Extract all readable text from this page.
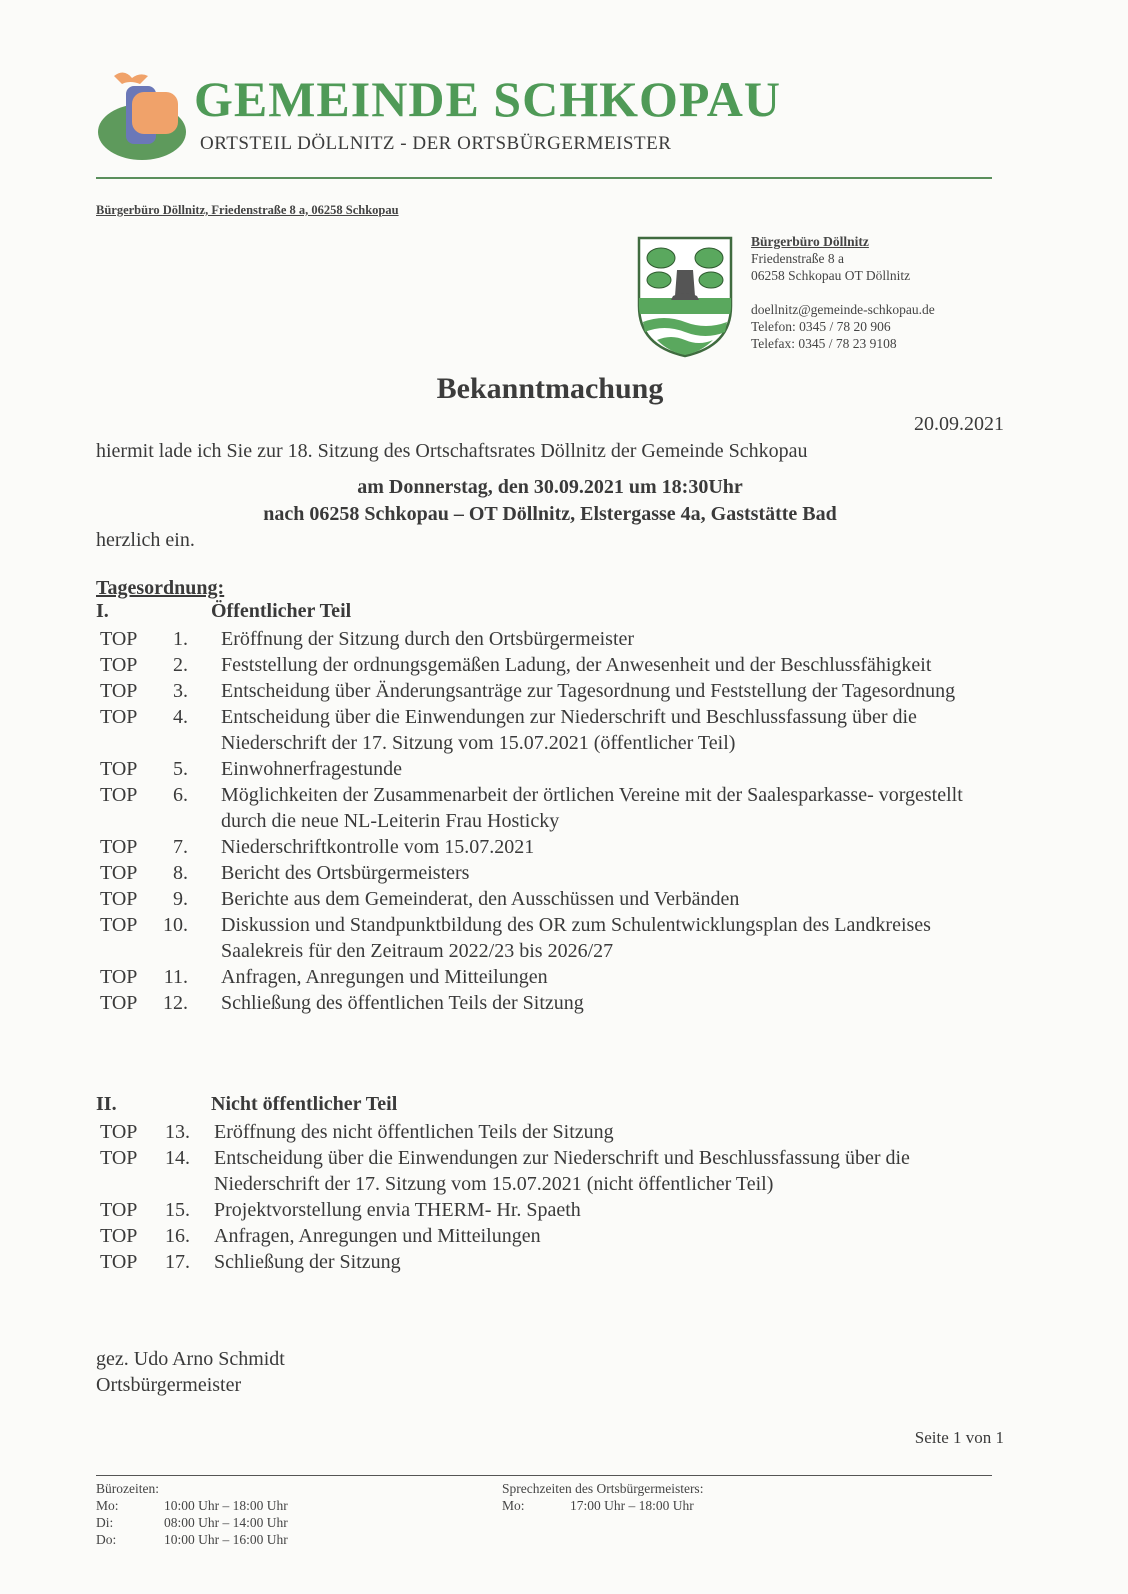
GEMEINDE SCHKOPAU
ORTSTEIL DÖLLNITZ - DER ORTSBÜRGERMEISTER
Bürgerbüro Döllnitz, Friedenstraße 8 a, 06258 Schkopau
Bürgerbüro Döllnitz
Friedenstraße 8 a
06258 Schkopau OT Döllnitz
doellnitz@gemeinde-schkopau.de
Telefon: 0345 / 78 20 906
Telefax: 0345 / 78 23 9108
Bekanntmachung
20.09.2021
hiermit lade ich Sie zur 18. Sitzung des Ortschaftsrates Döllnitz der Gemeinde Schkopau
am Donnerstag, den 30.09.2021 um 18:30Uhr
nach 06258 Schkopau – OT Döllnitz, Elstergasse 4a, Gaststätte Bad
herzlich ein.
Tagesordnung:
I.	Öffentlicher Teil
TOP	1. Eröffnung der Sitzung durch den Ortsbürgermeister
TOP	2. Feststellung der ordnungsgemäßen Ladung, der Anwesenheit und der Beschlussfähigkeit
TOP	3. Entscheidung über Änderungsanträge zur Tagesordnung und Feststellung der Tagesordnung
TOP	4. Entscheidung über die Einwendungen zur Niederschrift und Beschlussfassung über die Niederschrift der 17. Sitzung vom 15.07.2021 (öffentlicher Teil)
TOP	5. Einwohnerfragestunde
TOP	6. Möglichkeiten der Zusammenarbeit der örtlichen Vereine mit der Saalesparkasse- vorgestellt durch die neue NL-Leiterin Frau Hosticky
TOP	7. Niederschriftkontrolle vom 15.07.2021
TOP	8. Bericht des Ortsbürgermeisters
TOP	9. Berichte aus dem Gemeinderat, den Ausschüssen und Verbänden
TOP 10. Diskussion und Standpunktbildung des OR zum Schulentwicklungsplan des Landkreises Saalekreis für den Zeitraum 2022/23 bis 2026/27
TOP 11. Anfragen, Anregungen und Mitteilungen
TOP 12. Schließung des öffentlichen Teils der Sitzung
II.	Nicht öffentlicher Teil
TOP 13. Eröffnung des nicht öffentlichen Teils der Sitzung
TOP 14. Entscheidung über die Einwendungen zur Niederschrift und Beschlussfassung über die Niederschrift der 17. Sitzung vom 15.07.2021 (nicht öffentlicher Teil)
TOP 15. Projektvorstellung envia THERM- Hr. Spaeth
TOP 16. Anfragen, Anregungen und Mitteilungen
TOP 17. Schließung der Sitzung
gez. Udo Arno Schmidt
Ortsbürgermeister
Seite 1 von 1
Bürozeiten:
Mo:	10:00 Uhr – 18:00 Uhr
Di:	08:00 Uhr – 14:00 Uhr
Do:	10:00 Uhr – 16:00 Uhr
Sprechzeiten des Ortsbürgermeisters:
Mo:	17:00 Uhr – 18:00 Uhr
